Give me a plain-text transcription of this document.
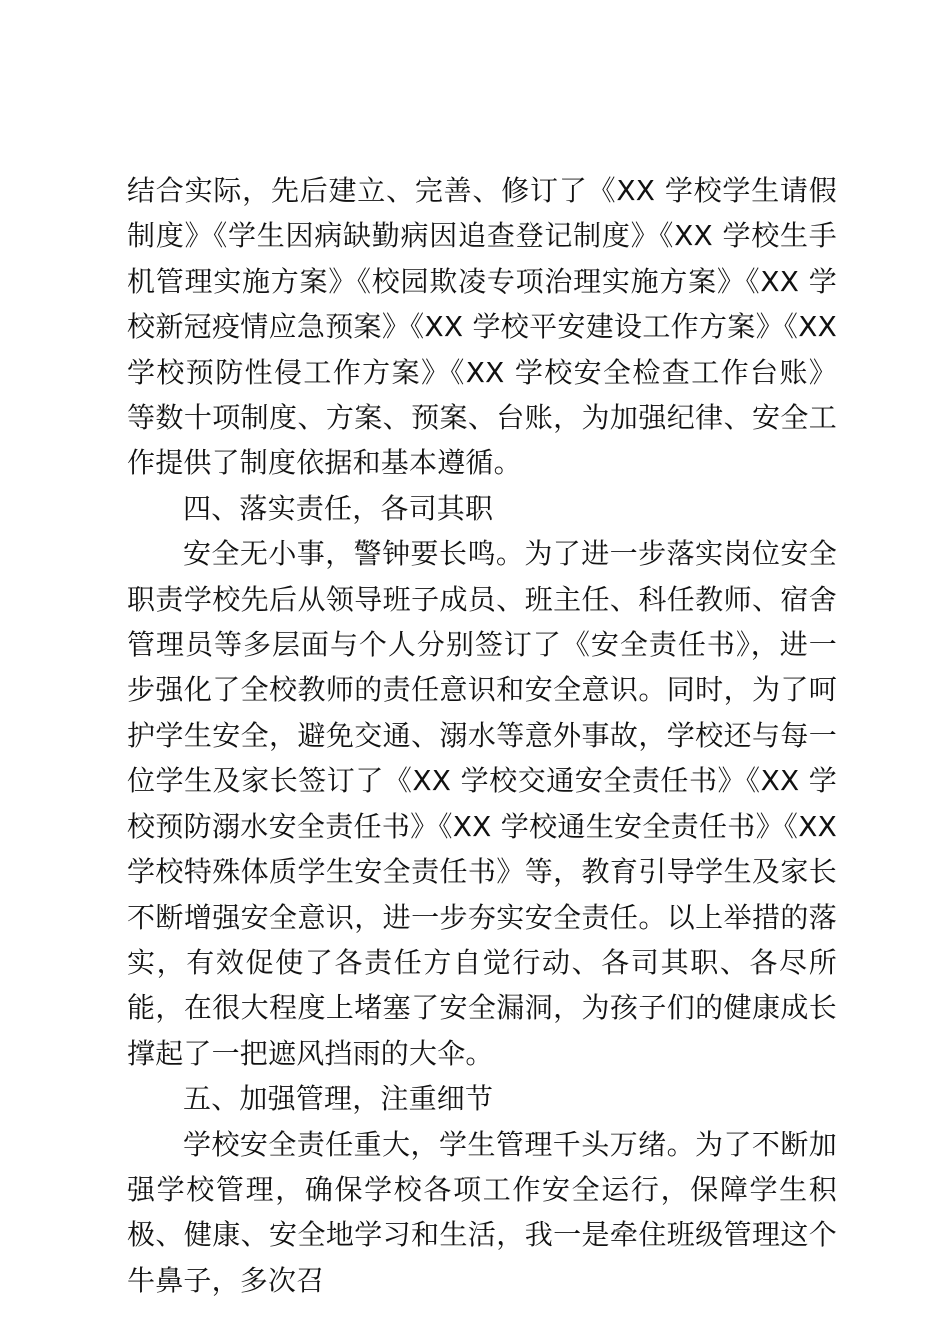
结合实际，先后建立、完善、修订了《XX 学校学生请假制度》《学生因病缺勤病因追查登记制度》《XX 学校生手机管理实施方案》《校园欺凌专项治理实施方案》《XX 学校新冠疫情应急预案》《XX 学校平安建设工作方案》《XX 学校预防性侵工作方案》《XX 学校安全检查工作台账》等数十项制度、方案、预案、台账，为加强纪律、安全工作提供了制度依据和基本遵循。

四、落实责任，各司其职

安全无小事，警钟要长鸣。为了进一步落实岗位安全职责学校先后从领导班子成员、班主任、科任教师、宿舍管理员等多层面与个人分别签订了《安全责任书》，进一步强化了全校教师的责任意识和安全意识。同时，为了呵护学生安全，避免交通、溺水等意外事故，学校还与每一位学生及家长签订了《XX 学校交通安全责任书》《XX 学校预防溺水安全责任书》《XX 学校通生安全责任书》《XX 学校特殊体质学生安全责任书》等，教育引导学生及家长不断增强安全意识，进一步夯实安全责任。以上举措的落实，有效促使了各责任方自觉行动、各司其职、各尽所能，在很大程度上堵塞了安全漏洞，为孩子们的健康成长撑起了一把遮风挡雨的大伞。

五、加强管理，注重细节

学校安全责任重大，学生管理千头万绪。为了不断加强学校管理，确保学校各项工作安全运行，保障学生积极、健康、安全地学习和生活，我一是牵住班级管理这个牛鼻子，多次召
